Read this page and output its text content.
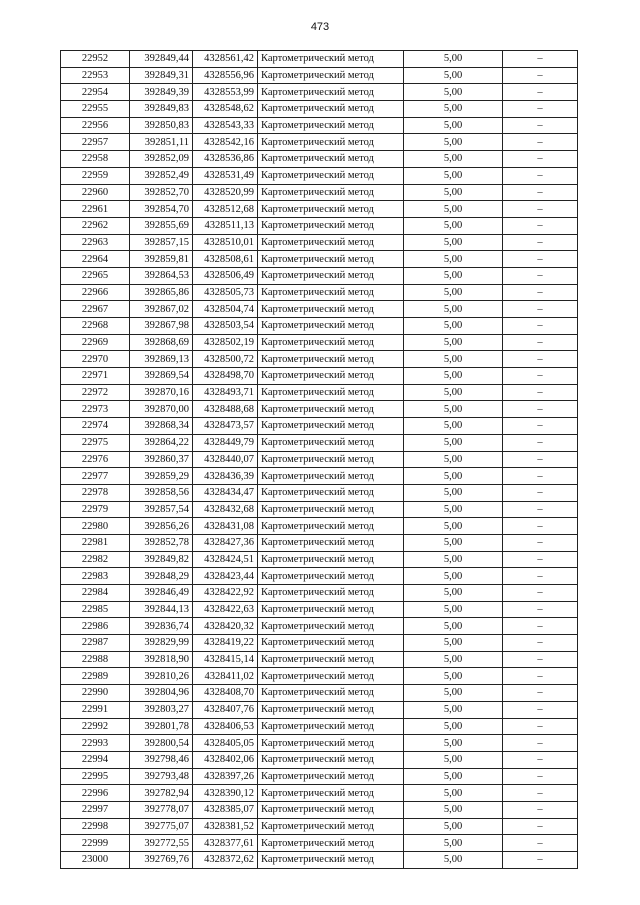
473
22952	392849,44	4328561,42	Картометрический метод	5,00	–
22953	392849,31	4328556,96	Картометрический метод	5,00	–
22954	392849,39	4328553,99	Картометрический метод	5,00	–
22955	392849,83	4328548,62	Картометрический метод	5,00	–
22956	392850,83	4328543,33	Картометрический метод	5,00	–
22957	392851,11	4328542,16	Картометрический метод	5,00	–
22958	392852,09	4328536,86	Картометрический метод	5,00	–
22959	392852,49	4328531,49	Картометрический метод	5,00	–
22960	392852,70	4328520,99	Картометрический метод	5,00	–
22961	392854,70	4328512,68	Картометрический метод	5,00	–
22962	392855,69	4328511,13	Картометрический метод	5,00	–
22963	392857,15	4328510,01	Картометрический метод	5,00	–
22964	392859,81	4328508,61	Картометрический метод	5,00	–
22965	392864,53	4328506,49	Картометрический метод	5,00	–
22966	392865,86	4328505,73	Картометрический метод	5,00	–
22967	392867,02	4328504,74	Картометрический метод	5,00	–
22968	392867,98	4328503,54	Картометрический метод	5,00	–
22969	392868,69	4328502,19	Картометрический метод	5,00	–
22970	392869,13	4328500,72	Картометрический метод	5,00	–
22971	392869,54	4328498,70	Картометрический метод	5,00	–
22972	392870,16	4328493,71	Картометрический метод	5,00	–
22973	392870,00	4328488,68	Картометрический метод	5,00	–
22974	392868,34	4328473,57	Картометрический метод	5,00	–
22975	392864,22	4328449,79	Картометрический метод	5,00	–
22976	392860,37	4328440,07	Картометрический метод	5,00	–
22977	392859,29	4328436,39	Картометрический метод	5,00	–
22978	392858,56	4328434,47	Картометрический метод	5,00	–
22979	392857,54	4328432,68	Картометрический метод	5,00	–
22980	392856,26	4328431,08	Картометрический метод	5,00	–
22981	392852,78	4328427,36	Картометрический метод	5,00	–
22982	392849,82	4328424,51	Картометрический метод	5,00	–
22983	392848,29	4328423,44	Картометрический метод	5,00	–
22984	392846,49	4328422,92	Картометрический метод	5,00	–
22985	392844,13	4328422,63	Картометрический метод	5,00	–
22986	392836,74	4328420,32	Картометрический метод	5,00	–
22987	392829,99	4328419,22	Картометрический метод	5,00	–
22988	392818,90	4328415,14	Картометрический метод	5,00	–
22989	392810,26	4328411,02	Картометрический метод	5,00	–
22990	392804,96	4328408,70	Картометрический метод	5,00	–
22991	392803,27	4328407,76	Картометрический метод	5,00	–
22992	392801,78	4328406,53	Картометрический метод	5,00	–
22993	392800,54	4328405,05	Картометрический метод	5,00	–
22994	392798,46	4328402,06	Картометрический метод	5,00	–
22995	392793,48	4328397,26	Картометрический метод	5,00	–
22996	392782,94	4328390,12	Картометрический метод	5,00	–
22997	392778,07	4328385,07	Картометрический метод	5,00	–
22998	392775,07	4328381,52	Картометрический метод	5,00	–
22999	392772,55	4328377,61	Картометрический метод	5,00	–
23000	392769,76	4328372,62	Картометрический метод	5,00	–
